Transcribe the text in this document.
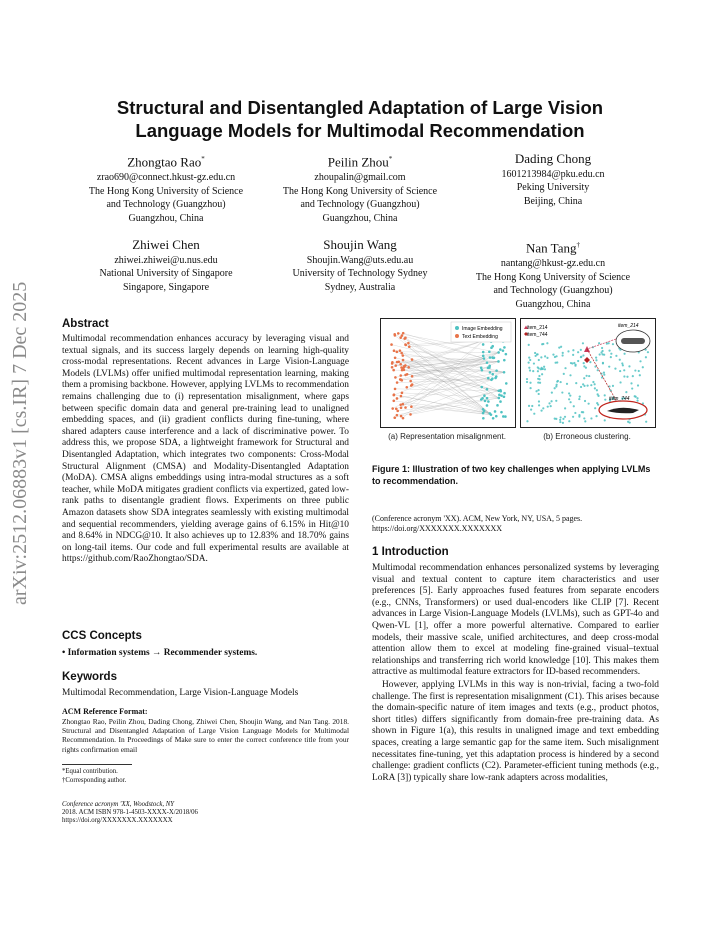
arXiv:2512.06883v1 [cs.IR] 7 Dec 2025
Structural and Disentangled Adaptation of Large Vision
Language Models for Multimodal Recommendation
Zhongtao Rao*
zrao690@connect.hkust-gz.edu.cn
The Hong Kong University of Science
and Technology (Guangzhou)
Guangzhou, China
Peilin Zhou*
zhoupalin@gmail.com
The Hong Kong University of Science
and Technology (Guangzhou)
Guangzhou, China
Dading Chong
1601213984@pku.edu.cn
Peking University
Beijing, China
Zhiwei Chen
zhiwei.zhiwei@u.nus.edu
National University of Singapore
Singapore, Singapore
Shoujin Wang
Shoujin.Wang@uts.edu.au
University of Technology Sydney
Sydney, Australia
Nan Tang†
nantang@hkust-gz.edu.cn
The Hong Kong University of Science
and Technology (Guangzhou)
Guangzhou, China
Abstract
Multimodal recommendation enhances accuracy by leveraging visual and textual signals, and its success largely depends on learning high-quality cross-modal representations. Recent advances in Large Vision-Language Models (LVLMs) offer unified multimodal representation learning, making them a promising backbone. However, applying LVLMs to recommendation remains challenging due to (i) representation misalignment, where gaps between specific domain data and general pre-training lead to unaligned embedding spaces, and (ii) gradient conflicts during fine-tuning, where shared adapters cause interference and a lack of discriminative power. To address this, we propose SDA, a lightweight framework for Structural and Disentangled Adaptation, which integrates two components: Cross-Modal Structural Alignment (CMSA) and Modality-Disentangled Adaptation (MoDA). CMSA aligns embeddings using intra-modal structures as a soft teacher, while MoDA mitigates gradient conflicts via expertized, gated low-rank paths to disentangle gradient flows. Experiments on three public Amazon datasets show SDA integrates seamlessly with existing multimodal and sequential recommenders, yielding average gains of 6.15% in Hit@10 and 8.64% in NDCG@10. It also achieves up to 12.83% and 18.70% gains on long-tail items. Our code and full experimental results are available at https://github.com/RaoZhongtao/SDA.
CCS Concepts
• Information systems → Recommender systems.
Keywords
Multimodal Recommendation, Large Vision-Language Models
ACM Reference Format:
Zhongtao Rao, Peilin Zhou, Dading Chong, Zhiwei Chen, Shoujin Wang, and Nan Tang. 2018. Structural and Disentangled Adaptation of Large Vision Language Models for Multimodal Recommendation. In Proceedings of Make sure to enter the correct conference title from your rights confirmation email
*Equal contribution.
†Corresponding author.
Conference acronym 'XX, Woodstock, NY
2018. ACM ISBN 978-1-4503-XXXX-X/2018/06
https://doi.org/XXXXXXX.XXXXXXX
Image Embedding
Text Embedding
item_214
item_744
item_214
item_744
(a) Representation misalignment.	(b) Erroneous clustering.
Figure 1: Illustration of two key challenges when applying LVLMs to recommendation.
(Conference acronym 'XX). ACM, New York, NY, USA, 5 pages. https://doi.org/XXXXXXX.XXXXXXX
1 Introduction
Multimodal recommendation enhances personalized systems by leveraging visual and textual content to capture item characteristics and user preferences [5]. Early approaches fused features from separate encoders (e.g., CNNs, Transformers) or used dual-encoders like CLIP [7]. Recent advances in Large Vision-Language Models (LVLMs), such as GPT-4o and Qwen-VL [1], offer a more powerful alternative. Compared to earlier models, their massive scale, unified architectures, and deep cross-modal attention allow them to excel at modeling fine-grained visual–textual relationships and transferring rich world knowledge [10]. This makes them attractive as multimodal feature extractors for ID-based recommenders.
However, applying LVLMs in this way is non-trivial, facing a two-fold challenge. The first is representation misalignment (C1). This arises because the domain-specific nature of item images and texts (e.g., product photos, short titles) differs significantly from domain-free pre-training data. As shown in Figure 1(a), this results in unaligned image and text embedding spaces, creating a large semantic gap for the same item. Such misalignment necessitates fine-tuning, yet this adaptation process is hindered by a second challenge: gradient conflicts (C2). Parameter-efficient tuning methods (e.g., LoRA [3]) typically share low-rank adapters across modalities,
